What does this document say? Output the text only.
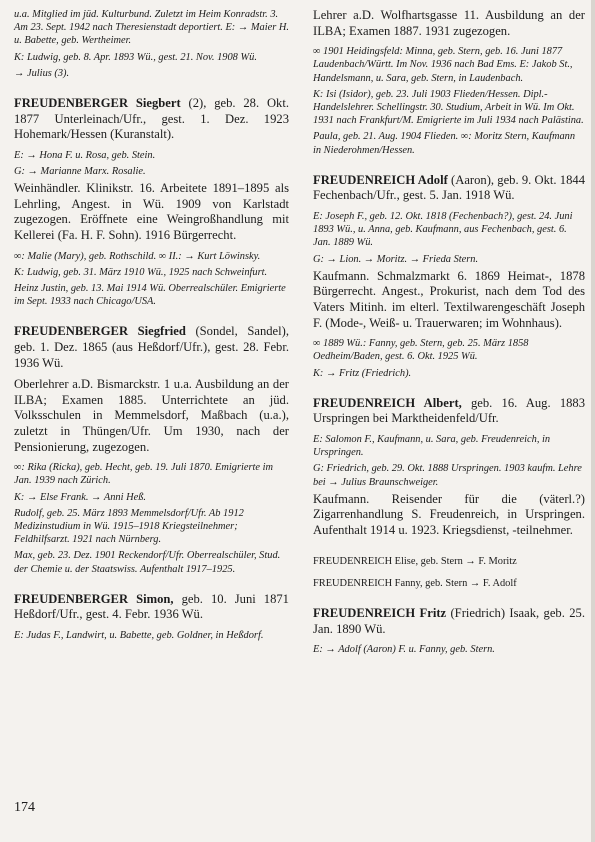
u.a. Mitglied im jüd. Kulturbund. Zuletzt im Heim Konradstr. 3. Am 23. Sept. 1942 nach Theresienstadt deportiert. E: → Maier H. u. Babette, geb. Wertheimer.

K: Ludwig, geb. 8. Apr. 1893 Wü., gest. 21. Nov. 1908 Wü.

→ Julius (3).

FREUDENBERGER Siegbert (2), geb. 28. Okt. 1877 Unterleinach/Ufr., gest. 1. Dez. 1923 Hohemark/Hessen (Kuranstalt).

E: → Hona F. u. Rosa, geb. Stein.

G: → Marianne Marx. Rosalie.

Weinhändler. Klinikstr. 16. Arbeitete 1891–1895 als Lehrling, Angest. in Wü. 1909 von Karlstadt zugezogen. Eröffnete eine Weingroßhandlung mit Kellerei (Fa. H. F. Sohn). 1916 Bürgerrecht.

∞: Malie (Mary), geb. Rothschild. ∞ II.: → Kurt Löwinsky.

K: Ludwig, geb. 31. März 1910 Wü., 1925 nach Schweinfurt.

Heinz Justin, geb. 13. Mai 1914 Wü. Oberrealschüler. Emigrierte im Sept. 1933 nach Chicago/USA.

FREUDENBERGER Siegfried (Sondel, Sandel), geb. 1. Dez. 1865 (aus Heßdorf/Ufr.), gest. 28. Febr. 1936 Wü.

Oberlehrer a.D. Bismarckstr. 1 u.a. Ausbildung an der ILBA; Examen 1885. Unterrichtete an jüd. Volksschulen in Memmelsdorf, Maßbach (u.a.), zuletzt in Thüngen/Ufr. Um 1930, nach der Pensionierung, zugezogen.

∞: Rika (Ricka), geb. Hecht, geb. 19. Juli 1870. Emigrierte im Jan. 1939 nach Zürich.

K: → Else Frank. → Anni Heß.

Rudolf, geb. 25. März 1893 Memmelsdorf/Ufr. Ab 1912 Medizinstudium in Wü. 1915–1918 Kriegsteilnehmer; Feldhilfsarzt. 1921 nach Nürnberg.

Max, geb. 23. Dez. 1901 Reckendorf/Ufr. Oberrealschüler, Stud. der Chemie u. der Staatswiss. Aufenthalt 1917–1925.

FREUDENBERGER Simon, geb. 10. Juni 1871 Heßdorf/Ufr., gest. 4. Febr. 1936 Wü.

E: Judas F., Landwirt, u. Babette, geb. Goldner, in Heßdorf.

Lehrer a.D. Wolfhartsgasse 11. Ausbildung an der ILBA; Examen 1887. 1931 zugezogen.

∞ 1901 Heidingsfeld: Minna, geb. Stern, geb. 16. Juni 1877 Laudenbach/Württ. Im Nov. 1936 nach Bad Ems. E: Jakob St., Handelsmann, u. Sara, geb. Stern, in Laudenbach.

K: Isi (Isidor), geb. 23. Juli 1903 Flieden/Hessen. Dipl.-Handelslehrer. Schellingstr. 30. Studium, Arbeit in Wü. Im Okt. 1931 nach Frankfurt/M. Emigrierte im Juli 1934 nach Palästina.

Paula, geb. 21. Aug. 1904 Flieden. ∞: Moritz Stern, Kaufmann in Niederohmen/Hessen.

FREUDENREICH Adolf (Aaron), geb. 9. Okt. 1844 Fechenbach/Ufr., gest. 5. Jan. 1918 Wü.

E: Joseph F., geb. 12. Okt. 1818 (Fechenbach?), gest. 24. Juni 1893 Wü., u. Anna, geb. Kaufmann, aus Fechenbach, gest. 6. Jan. 1889 Wü.

G: → Lion. → Moritz. → Frieda Stern.

Kaufmann. Schmalzmarkt 6. 1869 Heimat-, 1878 Bürgerrecht. Angest., Prokurist, nach dem Tod des Vaters Mitinh. im elterl. Textilwarengeschäft Joseph F. (Mode-, Weiß- u. Trauerwaren; im Wohnhaus).

∞ 1889 Wü.: Fanny, geb. Stern, geb. 25. März 1858 Oedheim/Baden, gest. 6. Okt. 1925 Wü.

K: → Fritz (Friedrich).

FREUDENREICH Albert, geb. 16. Aug. 1883 Urspringen bei Marktheidenfeld/Ufr.

E: Salomon F., Kaufmann, u. Sara, geb. Freudenreich, in Urspringen.

G: Friedrich, geb. 29. Okt. 1888 Urspringen. 1903 kaufm. Lehre bei → Julius Braunschweiger.

Kaufmann. Reisender für die (väterl.?) Zigarrenhandlung S. Freudenreich, in Urspringen. Aufenthalt 1914 u. 1923. Kriegsdienst, -teilnehmer.

FREUDENREICH Elise, geb. Stern → F. Moritz

FREUDENREICH Fanny, geb. Stern → F. Adolf

FREUDENREICH Fritz (Friedrich) Isaak, geb. 25. Jan. 1890 Wü.

E: → Adolf (Aaron) F. u. Fanny, geb. Stern.

174
